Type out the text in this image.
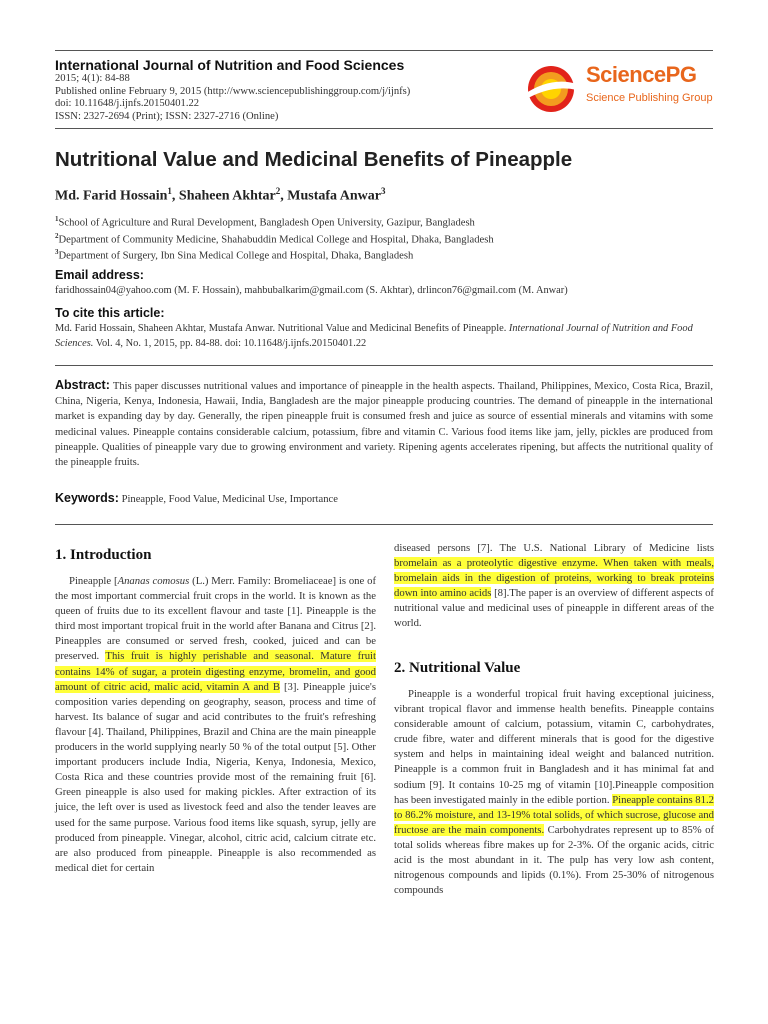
International Journal of Nutrition and Food Sciences
2015; 4(1): 84-88
Published online February 9, 2015 (http://www.sciencepublishinggroup.com/j/ijnfs)
doi: 10.11648/j.ijnfs.20150401.22
ISSN: 2327-2694 (Print); ISSN: 2327-2716 (Online)
SciencePG
Science Publishing Group
Nutritional Value and Medicinal Benefits of Pineapple
Md. Farid Hossain$^1$, Shaheen Akhtar$^2$, Mustafa Anwar$^3$
$^1$School of Agriculture and Rural Development, Bangladesh Open University, Gazipur, Bangladesh
$^2$Department of Community Medicine, Shahabuddin Medical College and Hospital, Dhaka, Bangladesh
$^3$Department of Surgery, Ibn Sina Medical College and Hospital, Dhaka, Bangladesh
Email address:
faridhossain04@yahoo.com (M. F. Hossain), mahbubalkarim@gmail.com (S. Akhtar), drlincon76@gmail.com (M. Anwar)
To cite this article:
Md. Farid Hossain, Shaheen Akhtar, Mustafa Anwar. Nutritional Value and Medicinal Benefits of Pineapple. International Journal of Nutrition and Food Sciences. Vol. 4, No. 1, 2015, pp. 84-88. doi: 10.11648/j.ijnfs.20150401.22
Abstract: This paper discusses nutritional values and importance of pineapple in the health aspects. Thailand, Philippines, Mexico, Costa Rica, Brazil, China, Nigeria, Kenya, Indonesia, Hawaii, India, Bangladesh are the major pineapple producing countries. The demand of pineapple in the international market is expanding day by day. Generally, the ripen pineapple fruit is consumed fresh and juice as source of essential minerals and vitamins with some medicinal values. Pineapple contains considerable calcium, potassium, fibre and vitamin C. Various food items like jam, jelly, pickles are produced from pineapple. Qualities of pineapple vary due to growing environment and variety. Ripening agents accelerates ripening, but affects the nutritional quality of the pineapple fruits.
Keywords: Pineapple, Food Value, Medicinal Use, Importance
1. Introduction

Pineapple [Ananas comosus (L.) Merr. Family: Bromeliaceae] is one of the most important commercial fruit crops in the world. It is known as the queen of fruits due to its excellent flavour and taste [1]. Pineapple is the third most important tropical fruit in the world after Banana and Citrus [2]. Pineapples are consumed or served fresh, cooked, juiced and can be preserved. This fruit is highly perishable and seasonal. Mature fruit contains 14% of sugar, a protein digesting enzyme, bromelin, and good amount of citric acid, malic acid, vitamin A and B [3]. Pineapple juice's composition varies depending on geography, season, process and time of harvest. Its balance of sugar and acid contributes to the fruit's refreshing flavour [4]. Thailand, Philippines, Brazil and China are the main pineapple producers in the world supplying nearly 50 % of the total output [5]. Other important producers include India, Nigeria, Kenya, Indonesia, Mexico, Costa Rica and these countries provide most of the remaining fruit [6]. Green pineapple is also used for making pickles. After extraction of its juice, the left over is used as livestock feed and also the tender leaves are used for the same purpose. Various food items like squash, syrup, jelly are produced from pineapple. Vinegar, alcohol, citric acid, calcium citrate etc. are also produced from pineapple. Pineapple is also recommended as medical diet for certain

diseased persons [7]. The U.S. National Library of Medicine lists bromelain as a proteolytic digestive enzyme. When taken with meals, bromelain aids in the digestion of proteins, working to break proteins down into amino acids [8].The paper is an overview of different aspects of nutritional value and medicinal uses of pineapple in different areas of the world.

2. Nutritional Value

Pineapple is a wonderful tropical fruit having exceptional juiciness, vibrant tropical flavor and immense health benefits. Pineapple contains considerable amount of calcium, potassium, vitamin C, carbohydrates, crude fibre, water and different minerals that is good for the digestive system and helps in maintaining ideal weight and balanced nutrition. Pineapple is a common fruit in Bangladesh and it has minimal fat and sodium [9]. It contains 10-25 mg of vitamin [10].Pineapple composition has been investigated mainly in the edible portion. Pineapple contains 81.2 to 86.2% moisture, and 13-19% total solids, of which sucrose, glucose and fructose are the main components. Carbohydrates represent up to 85% of total solids whereas fibre makes up for 2-3%. Of the organic acids, citric acid is the most abundant in it. The pulp has very low ash content, nitrogenous compounds and lipids (0.1%). From 25-30% of nitrogenous compounds
